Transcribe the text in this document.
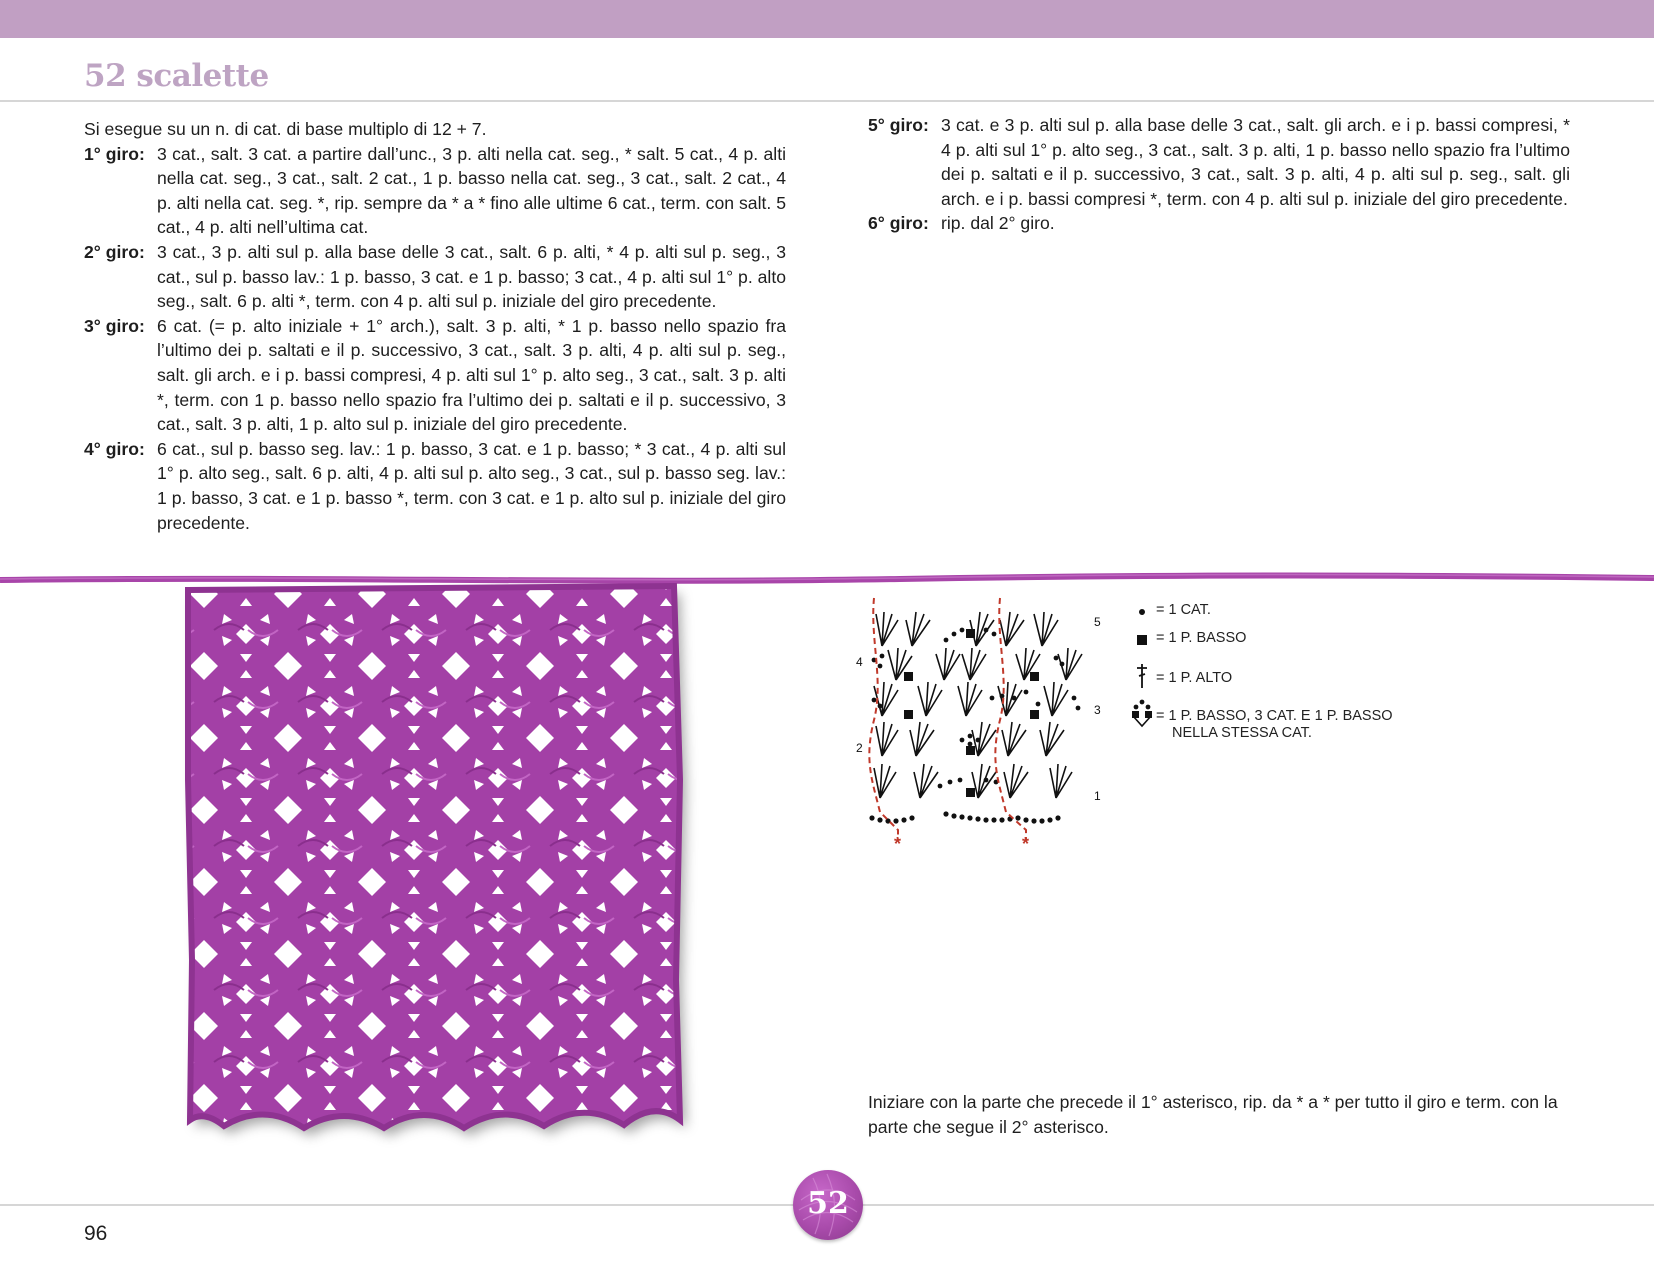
52 scalette

Si esegue su un n. di cat. di base multiplo di 12 + 7.

1° giro: 3 cat., salt. 3 cat. a partire dall’unc., 3 p. alti nella cat. seg., * salt. 5 cat., 4 p. alti nella cat. seg., 3 cat., salt. 2 cat., 1 p. basso nella cat. seg., 3 cat., salt. 2 cat., 4 p. alti nella cat. seg. *, rip. sempre da * a * fino alle ultime 6 cat., term. con salt. 5 cat., 4 p. alti nell’ultima cat.
2° giro: 3 cat., 3 p. alti sul p. alla base delle 3 cat., salt. 6 p. alti, * 4 p. alti sul p. seg., 3 cat., sul p. basso lav.: 1 p. basso, 3 cat. e 1 p. basso; 3 cat., 4 p. alti sul 1° p. alto seg., salt. 6 p. alti *, term. con 4 p. alti sul p. iniziale del giro precedente.
3° giro: 6 cat. (= p. alto iniziale + 1° arch.), salt. 3 p. alti, * 1 p. basso nello spazio fra l’ultimo dei p. saltati e il p. successivo, 3 cat., salt. 3 p. alti, 4 p. alti sul p. seg., salt. gli arch. e i p. bassi compresi, 4 p. alti sul 1° p. alto seg., 3 cat., salt. 3 p. alti *, term. con 1 p. basso nello spazio fra l’ultimo dei p. saltati e il p. successivo, 3 cat., salt. 3 p. alti, 1 p. alto sul p. iniziale del giro precedente.
4° giro: 6 cat., sul p. basso seg. lav.: 1 p. basso, 3 cat. e 1 p. basso; * 3 cat., 4 p. alti sul 1° p. alto seg., salt. 6 p. alti, 4 p. alti sul p. alto seg., 3 cat., sul p. basso seg. lav.: 1 p. basso, 3 cat. e 1 p. basso *, term. con 3 cat. e 1 p. alto sul p. iniziale del giro precedente.
5° giro: 3 cat. e 3 p. alti sul p. alla base delle 3 cat., salt. gli arch. e i p. bassi compresi, * 4 p. alti sul 1° p. alto seg., 3 cat., salt. 3 p. alti, 1 p. basso nello spazio fra l’ultimo dei p. saltati e il p. successivo, 3 cat., salt. 3 p. alti, 4 p. alti sul p. seg., salt. gli arch. e i p. bassi compresi *, term. con 4 p. alti sul p. iniziale del giro precedente.
6° giro: rip. dal 2° giro.
*	*
1
2
3
4
5
= 1 CAT.
= 1 P. BASSO
= 1 P. ALTO
= 1 P. BASSO, 3 CAT. E 1 P. BASSO
NELLA STESSA CAT.

Iniziare con la parte che precede il 1° asterisco, rip. da * a * per tutto il giro e term. con la parte che segue il 2° asterisco.

52
96
